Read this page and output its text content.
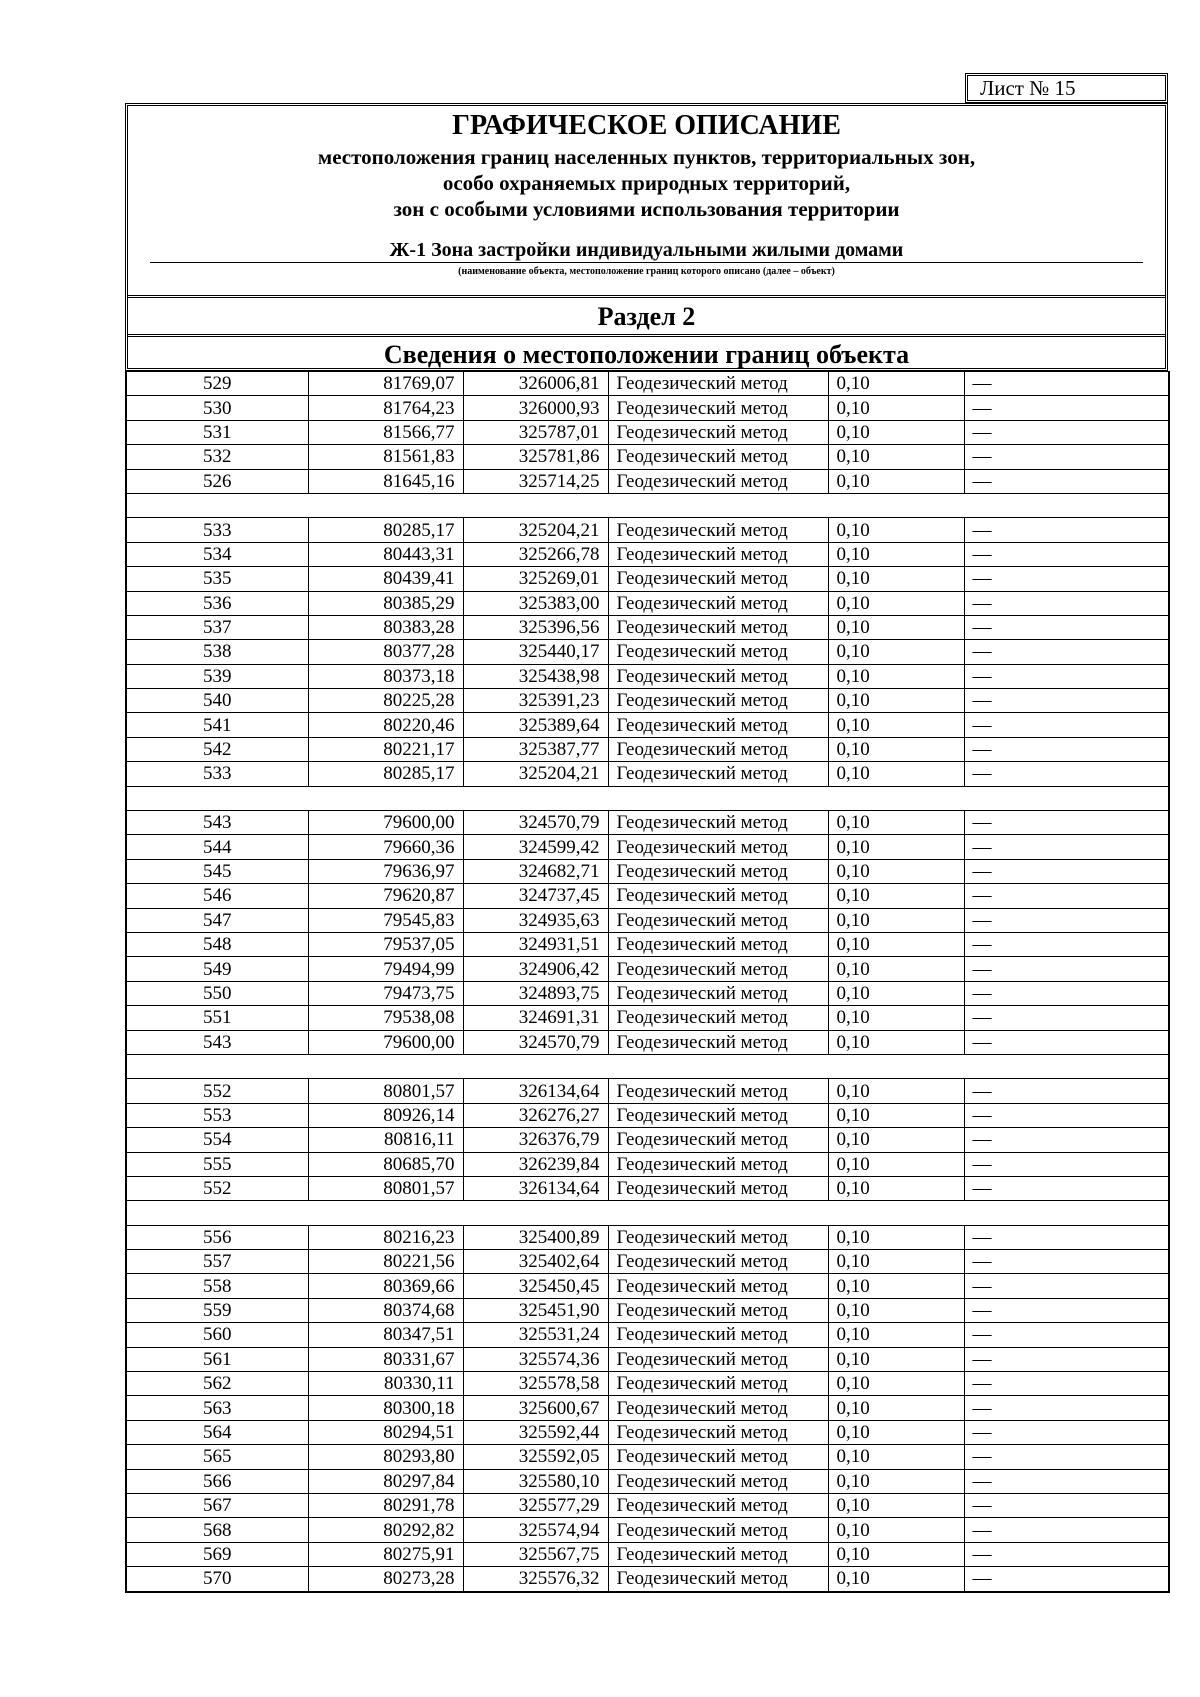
Лист № 15
ГРАФИЧЕСКОЕ ОПИСАНИЕ
местоположения границ населенных пунктов, территориальных зон,
особо охраняемых природных территорий,
зон с особыми условиями использования территории
Ж-1 Зона застройки индивидуальными жилыми домами
(наименование объекта, местоположение границ которого описано (далее – объект)
Раздел 2
Сведения о местоположении границ объекта
529	81769,07	326006,81	Геодезический метод	0,10	—
530	81764,23	326000,93	Геодезический метод	0,10	—
531	81566,77	325787,01	Геодезический метод	0,10	—
532	81561,83	325781,86	Геодезический метод	0,10	—
526	81645,16	325714,25	Геодезический метод	0,10	—

533	80285,17	325204,21	Геодезический метод	0,10	—
534	80443,31	325266,78	Геодезический метод	0,10	—
535	80439,41	325269,01	Геодезический метод	0,10	—
536	80385,29	325383,00	Геодезический метод	0,10	—
537	80383,28	325396,56	Геодезический метод	0,10	—
538	80377,28	325440,17	Геодезический метод	0,10	—
539	80373,18	325438,98	Геодезический метод	0,10	—
540	80225,28	325391,23	Геодезический метод	0,10	—
541	80220,46	325389,64	Геодезический метод	0,10	—
542	80221,17	325387,77	Геодезический метод	0,10	—
533	80285,17	325204,21	Геодезический метод	0,10	—

543	79600,00	324570,79	Геодезический метод	0,10	—
544	79660,36	324599,42	Геодезический метод	0,10	—
545	79636,97	324682,71	Геодезический метод	0,10	—
546	79620,87	324737,45	Геодезический метод	0,10	—
547	79545,83	324935,63	Геодезический метод	0,10	—
548	79537,05	324931,51	Геодезический метод	0,10	—
549	79494,99	324906,42	Геодезический метод	0,10	—
550	79473,75	324893,75	Геодезический метод	0,10	—
551	79538,08	324691,31	Геодезический метод	0,10	—
543	79600,00	324570,79	Геодезический метод	0,10	—

552	80801,57	326134,64	Геодезический метод	0,10	—
553	80926,14	326276,27	Геодезический метод	0,10	—
554	80816,11	326376,79	Геодезический метод	0,10	—
555	80685,70	326239,84	Геодезический метод	0,10	—
552	80801,57	326134,64	Геодезический метод	0,10	—

556	80216,23	325400,89	Геодезический метод	0,10	—
557	80221,56	325402,64	Геодезический метод	0,10	—
558	80369,66	325450,45	Геодезический метод	0,10	—
559	80374,68	325451,90	Геодезический метод	0,10	—
560	80347,51	325531,24	Геодезический метод	0,10	—
561	80331,67	325574,36	Геодезический метод	0,10	—
562	80330,11	325578,58	Геодезический метод	0,10	—
563	80300,18	325600,67	Геодезический метод	0,10	—
564	80294,51	325592,44	Геодезический метод	0,10	—
565	80293,80	325592,05	Геодезический метод	0,10	—
566	80297,84	325580,10	Геодезический метод	0,10	—
567	80291,78	325577,29	Геодезический метод	0,10	—
568	80292,82	325574,94	Геодезический метод	0,10	—
569	80275,91	325567,75	Геодезический метод	0,10	—
570	80273,28	325576,32	Геодезический метод	0,10	—
